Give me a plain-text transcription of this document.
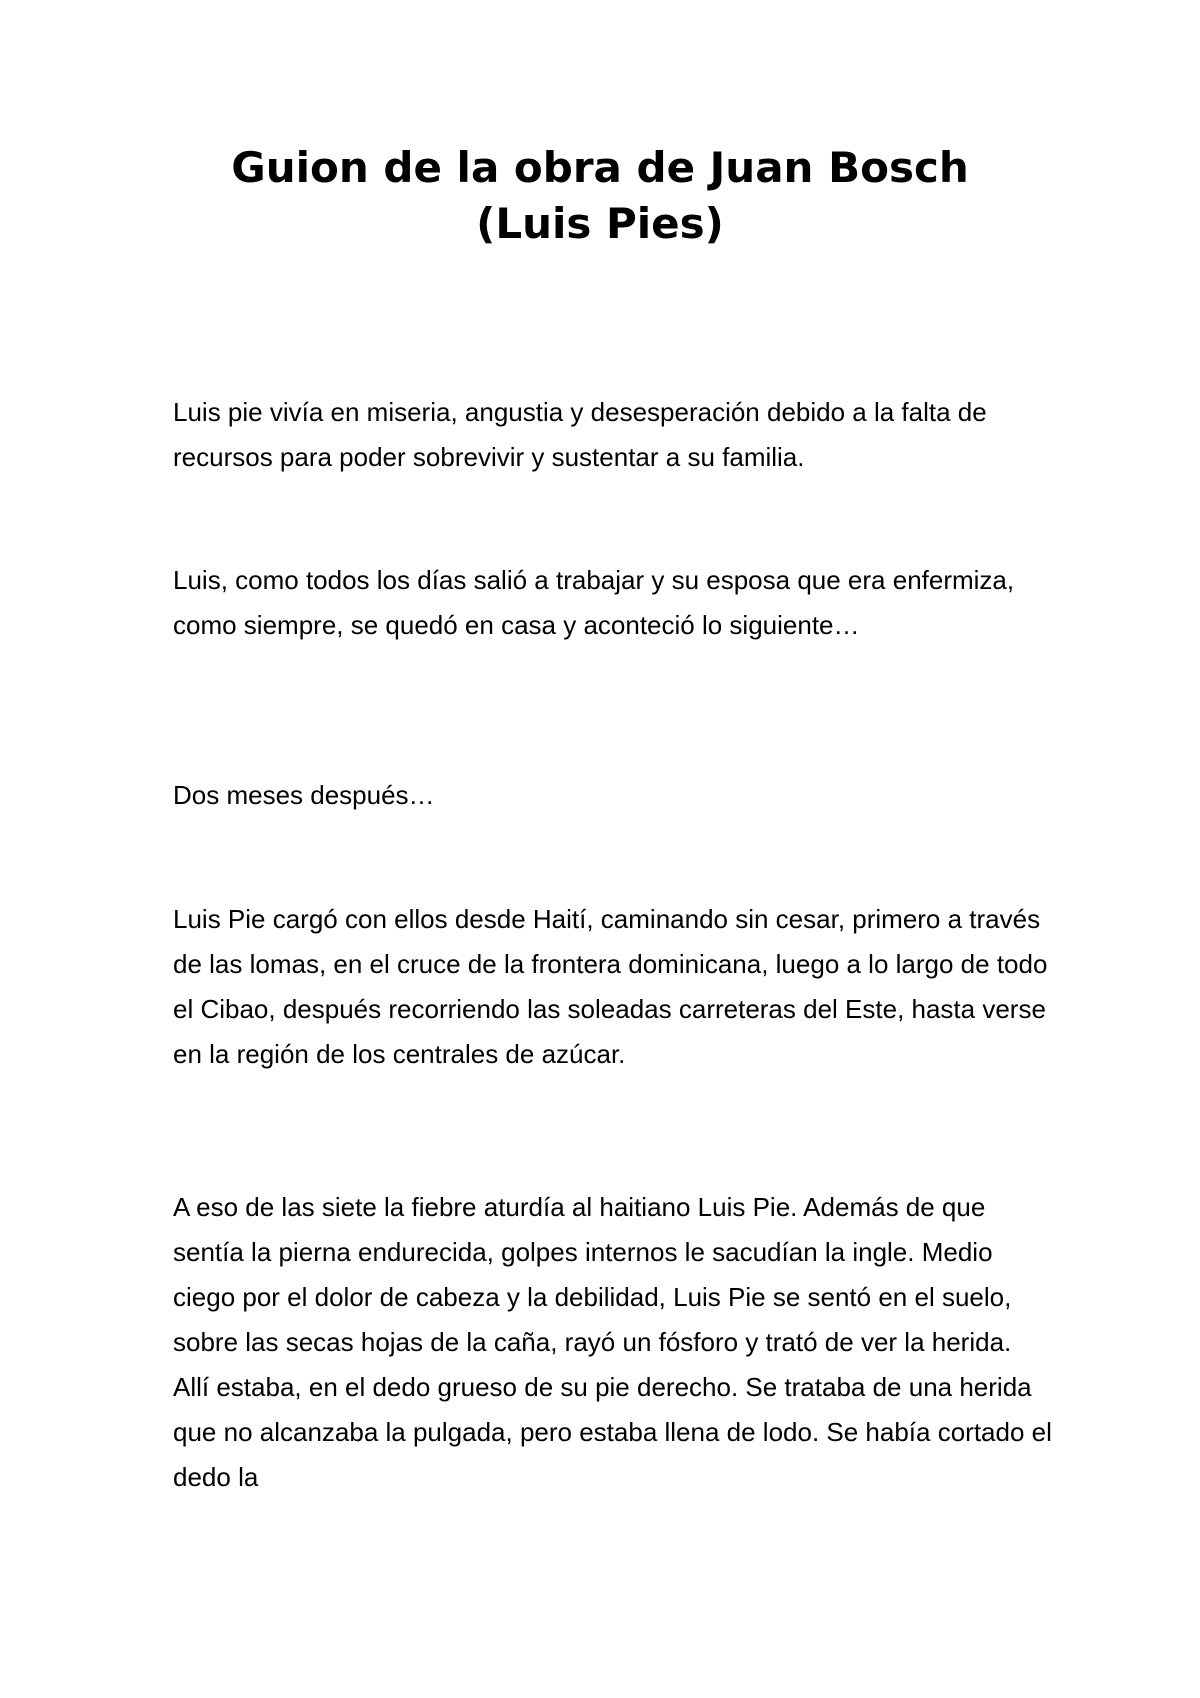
Guion de la obra de Juan Bosch
(Luis Pies)

Luis pie vivía en miseria, angustia y desesperación debido a la falta de recursos para poder sobrevivir y sustentar a su familia.

Luis, como todos los días salió a trabajar y su esposa que era enfermiza, como siempre, se quedó en casa y aconteció lo siguiente…

Dos meses después…

Luis Pie cargó con ellos desde Haití, caminando sin cesar, primero a través de las lomas, en el cruce de la frontera dominicana, luego a lo largo de todo el Cibao, después recorriendo las soleadas carreteras del Este, hasta verse en la región de los centrales de azúcar.

A eso de las siete la fiebre aturdía al haitiano Luis Pie. Además de que sentía la pierna endurecida, golpes internos le sacudían la ingle. Medio ciego por el dolor de cabeza y la debilidad, Luis Pie se sentó en el suelo, sobre las secas hojas de la caña, rayó un fósforo y trató de ver la herida. Allí estaba, en el dedo grueso de su pie derecho. Se trataba de una herida que no alcanzaba la pulgada, pero estaba llena de lodo. Se había cortado el dedo la
